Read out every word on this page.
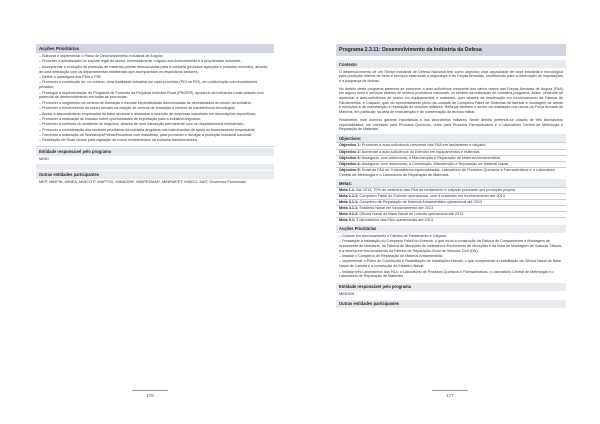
Acções Prioritárias
– Elaborar e implementar o Plano de Desenvolvimento Industrial de Angola;
– Proceder à actualização do suporte legal do sector, nomeadamente o ligado aos licenciamento e à propriedade industrial;
– Acompanhar a evolução da produção de matérias-primas direccionadas para a indústria (produtos agrícolas e produtos minerais), através de uma interacção com os departamentos ministeriais que acompanham os respectivos sectores;
– Definir o paradigma dos PDIs e PIR;
– Promover a construção de, no mínimo, uma localidade industrial em cada província (PDI ou PIR), em colaboração com investidores privados;
– Proseguir a implementação do Programa de Fomento da Pequena Indústria Rural (PROFIR), apoiando as indústrias rurais através com potencial de desenvolvimento em todas as províncias;
– Promover o surgimento de centros de formação e escolas especializadas direccionadas às necessidades do sector da indústria;
– Promover o envolvimento do sector privado na criação de centros de formação e centros de transferência tecnológica;
– Apoiar a associativismo empresarial de base sectorial e dinamizar a inserção de empresas industriais em associações específicas;
– Promover a realização de estudos sobre oportunidades de exportação para a indústria angolana;
– Promover a melhoria do ambiente de negócios, através de uma interacção permanente com os departamentos ministeriais;
– Promover a consideração dos sectores prioritários da indústria angolana nos instrumentos de apoio ao financiamento empresarial;
– Fomentar a realização de Workshops/Feiras/Encontros com industriais, para promover e divulgar a produção industrial nacional;
– Realização de Road shows para captação de novos investimentos na indústria transformadora.
Entidade responsável pelo programa
MIND
Outras entidades participantes
MEP, MINFIN, MINEA, MINCO F. MAPTSS, MINAGRIF, MINPESMAR, MINRMPET, MINCO, MAT, Governos Provinciais
176
Programa 2.3.11: Desenvolvimento da Indústria da Defesa
Contexto
O desenvolvimento de um Sector Industrial de Defesa Nacional tem como objectivo criar capacidade de base industrial e tecnológica para produção interna de bens e serviços essenciais à segurança e às Forças Armadas, contribuindo para a diminuição de importações e a poupança de divisas.
No âmbito deste programa pretende-se promover a auto-suficiência crescente dos vários ramos das Forças Armadas de Angola (FAA) em alguns bens e serviços através de centros produtivos nacionais, no sentido da realização de contratos-programa. Assim, pretende-se aumentar a auto-suficiência do sector em equipamentos e materiais, quer através da reactivação em funcionamento da Fábrica de Fardamentos, e Calçado, quer do aproveitamento pleno da unidade de Complexo Fabril de Sistemas de fabricar e montagem de armas e munições e de manutenção e reparação de veículos militares. Reforçar também o sector na realização nos ramos da Força Armada de Marinha, em particular na área de manutenção e de conservação da técnica militar.
Finalmente, este domínio garante importância a dos laboratórios militares. Neste âmbito pretende-se criação de três laboratórios especializados: um orientado para Produtos Químicos, outro para Produtos Farmacêuticos e o Laboratório Central de Metrologia e Reparação de Materiais.
Objectivos:
Objectivo 1: Promover a auto-suficiência crescente das FAA em fardamento e calçado
Objectivo 2: Aumentar a auto-suficiência do Exército em equipamentos e materiais
Objectivo 3: Assegurar, com autonomia, a Manutenção e Reparação de Material Armamentista
Objectivo 4: Assegurar, com autonomia, a Construção, Manutenção e Reparação de Material Naval
Objectivo 5: Dotar as FAA de 3 laboratórios especializados: Laboratório de Produtos Químicos e Farmacêuticos e o Laboratório Central de Metrologia e o Laboratório de Reparação de Materiais
Metas:
Meta 1.1: Até 2013, 70% do vestuário das FAA de fardamento e calçado produzido por produção própria
Meta 2.1.1: Complexo Fabril do Exército operacional, com 4 unidades em funcionamento até 2013
Meta 3.1.1: Complexo de Reparação de Material Armamentista operacional até 2013
Meta 4.1.1: Estaleiro Naval em funcionamento até 2013
Meta 4.2.2: Oficina Naval da Base Naval de Luanda operacional até 2013
Meta 5.1: 3 laboratórios das FAA operacionais até 2013
Acções Prioritárias
– Colocar em funcionamento a Fábrica de Fardamento e Calçado;
– Prosseguir a instalação do Complexo Fabril do Exército, o que inclui a construção da Fábrica de Componentes e Montagem de Armamento de Infantaria, da Fábrica de Munições de Infantaria e Enchimento de Munições e da linha de Montagem de Viaturas Táticas, e a retoma em funcionamento da Fábrica de Reparação Geral de Veículos Civil (DN);
– Instalar o Complexo de Reparação de Material Armamentista;
– Implementar o Plano de Construção e Reabilitação de Instalações Navais, o que compreende a reabilitação da Oficina Naval da Base Naval de Luanda e a construção do Estaleiro Naval;
– Instalar três Laboratórios das FAA: o Laboratório de Produtos Químicos e Farmacêuticos, o Laboratório Central de Metrologia e o Laboratório de Reparação de Materiais.
Entidade responsável pelo programa
MINDEN
Outras entidades participantes
177
